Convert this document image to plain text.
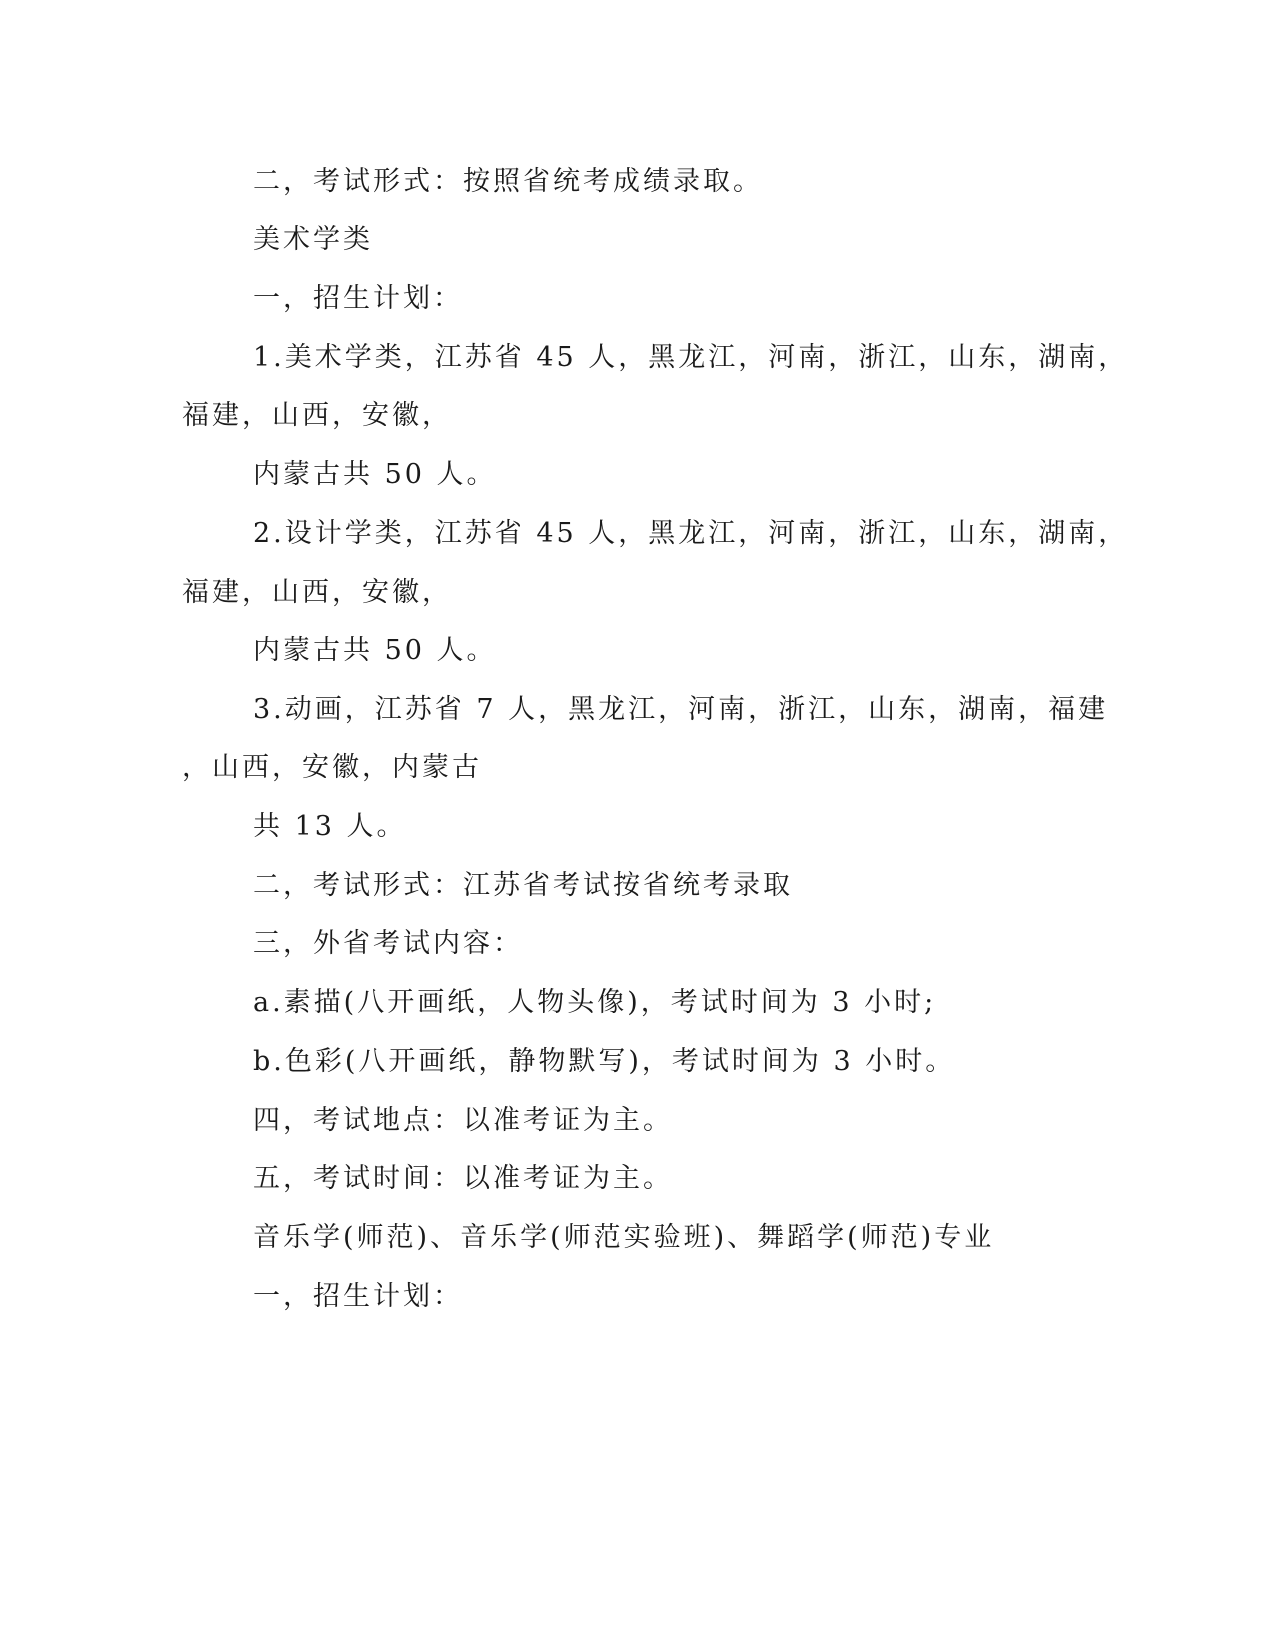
二，考试形式：按照省统考成绩录取。
美术学类
一，招生计划：
1.美术学类，江苏省 45 人，黑龙江，河南，浙江，山东，湖南，
福建，山西，安徽，
内蒙古共 50 人。
2.设计学类，江苏省 45 人，黑龙江，河南，浙江，山东，湖南，
福建，山西，安徽，
内蒙古共 50 人。
3.动画，江苏省 7 人，黑龙江，河南，浙江，山东，湖南，福建
，山西，安徽，内蒙古
共 13 人。
二，考试形式：江苏省考试按省统考录取
三，外省考试内容：
a.素描(八开画纸，人物头像)，考试时间为 3 小时;
b.色彩(八开画纸，静物默写)，考试时间为 3 小时。
四，考试地点：以准考证为主。
五，考试时间：以准考证为主。
音乐学(师范)、音乐学(师范实验班)、舞蹈学(师范)专业
一，招生计划：
